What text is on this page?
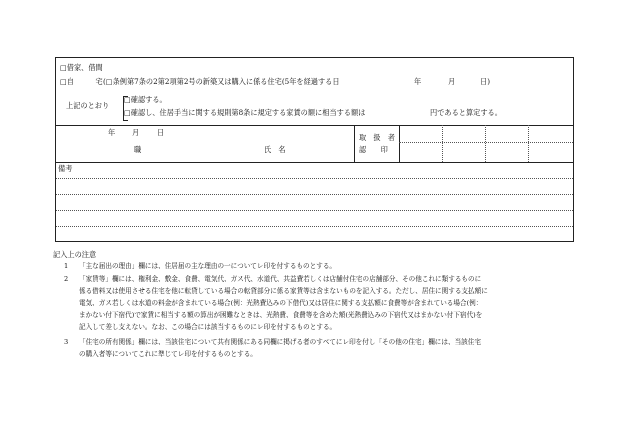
□借家、借間
□自　　　宅 (□条例第7条の2第2項第2号の新築又は購入に係る住宅(5年を経過する日	年	月	日)
上記のとおり
□確認する。
□確認し、住居手当に関する規則第8条に規定する家賃の額に相当する額は	円であると算定する。
年 月 日
職	氏　名
取　扱　者
認　　印
備考
記入上の注意
1 「主な届出の理由」欄には、住居届の主な理由の一についてレ印を付するものとする。
2 「家賃等」欄には、権利金、敷金、食費、電気代、ガス代、水道代、共益費若しくは店舗付住宅の店舗部分、その他これに類するものに
係る借料又は使用させる住宅を他に転貸している場合の転貸部分に係る家賃等は含まないものを記入する。ただし、居住に関する支払額に
電気、ガス若しくは水道の料金が含まれている場合(例：光熱費込みの下借代)又は居住に関する支払額に食費等が含まれている場合(例：
まかない付下宿代)で家賃に相当する額の算出が困難なときは、光熱費、食費等を含めた額(光熱費込みの下宿代又はまかない付下宿代)を
記入して差し支えない。なお、この場合には該当するものにレ印を付するものとする。
3 「住宅の所有関係」欄には、当該住宅について共有関係にある同欄に掲げる者のすべてにレ印を付し「その他の住宅」欄には、当該住宅
の購入者等についてこれに準じてレ印を付するものとする。
